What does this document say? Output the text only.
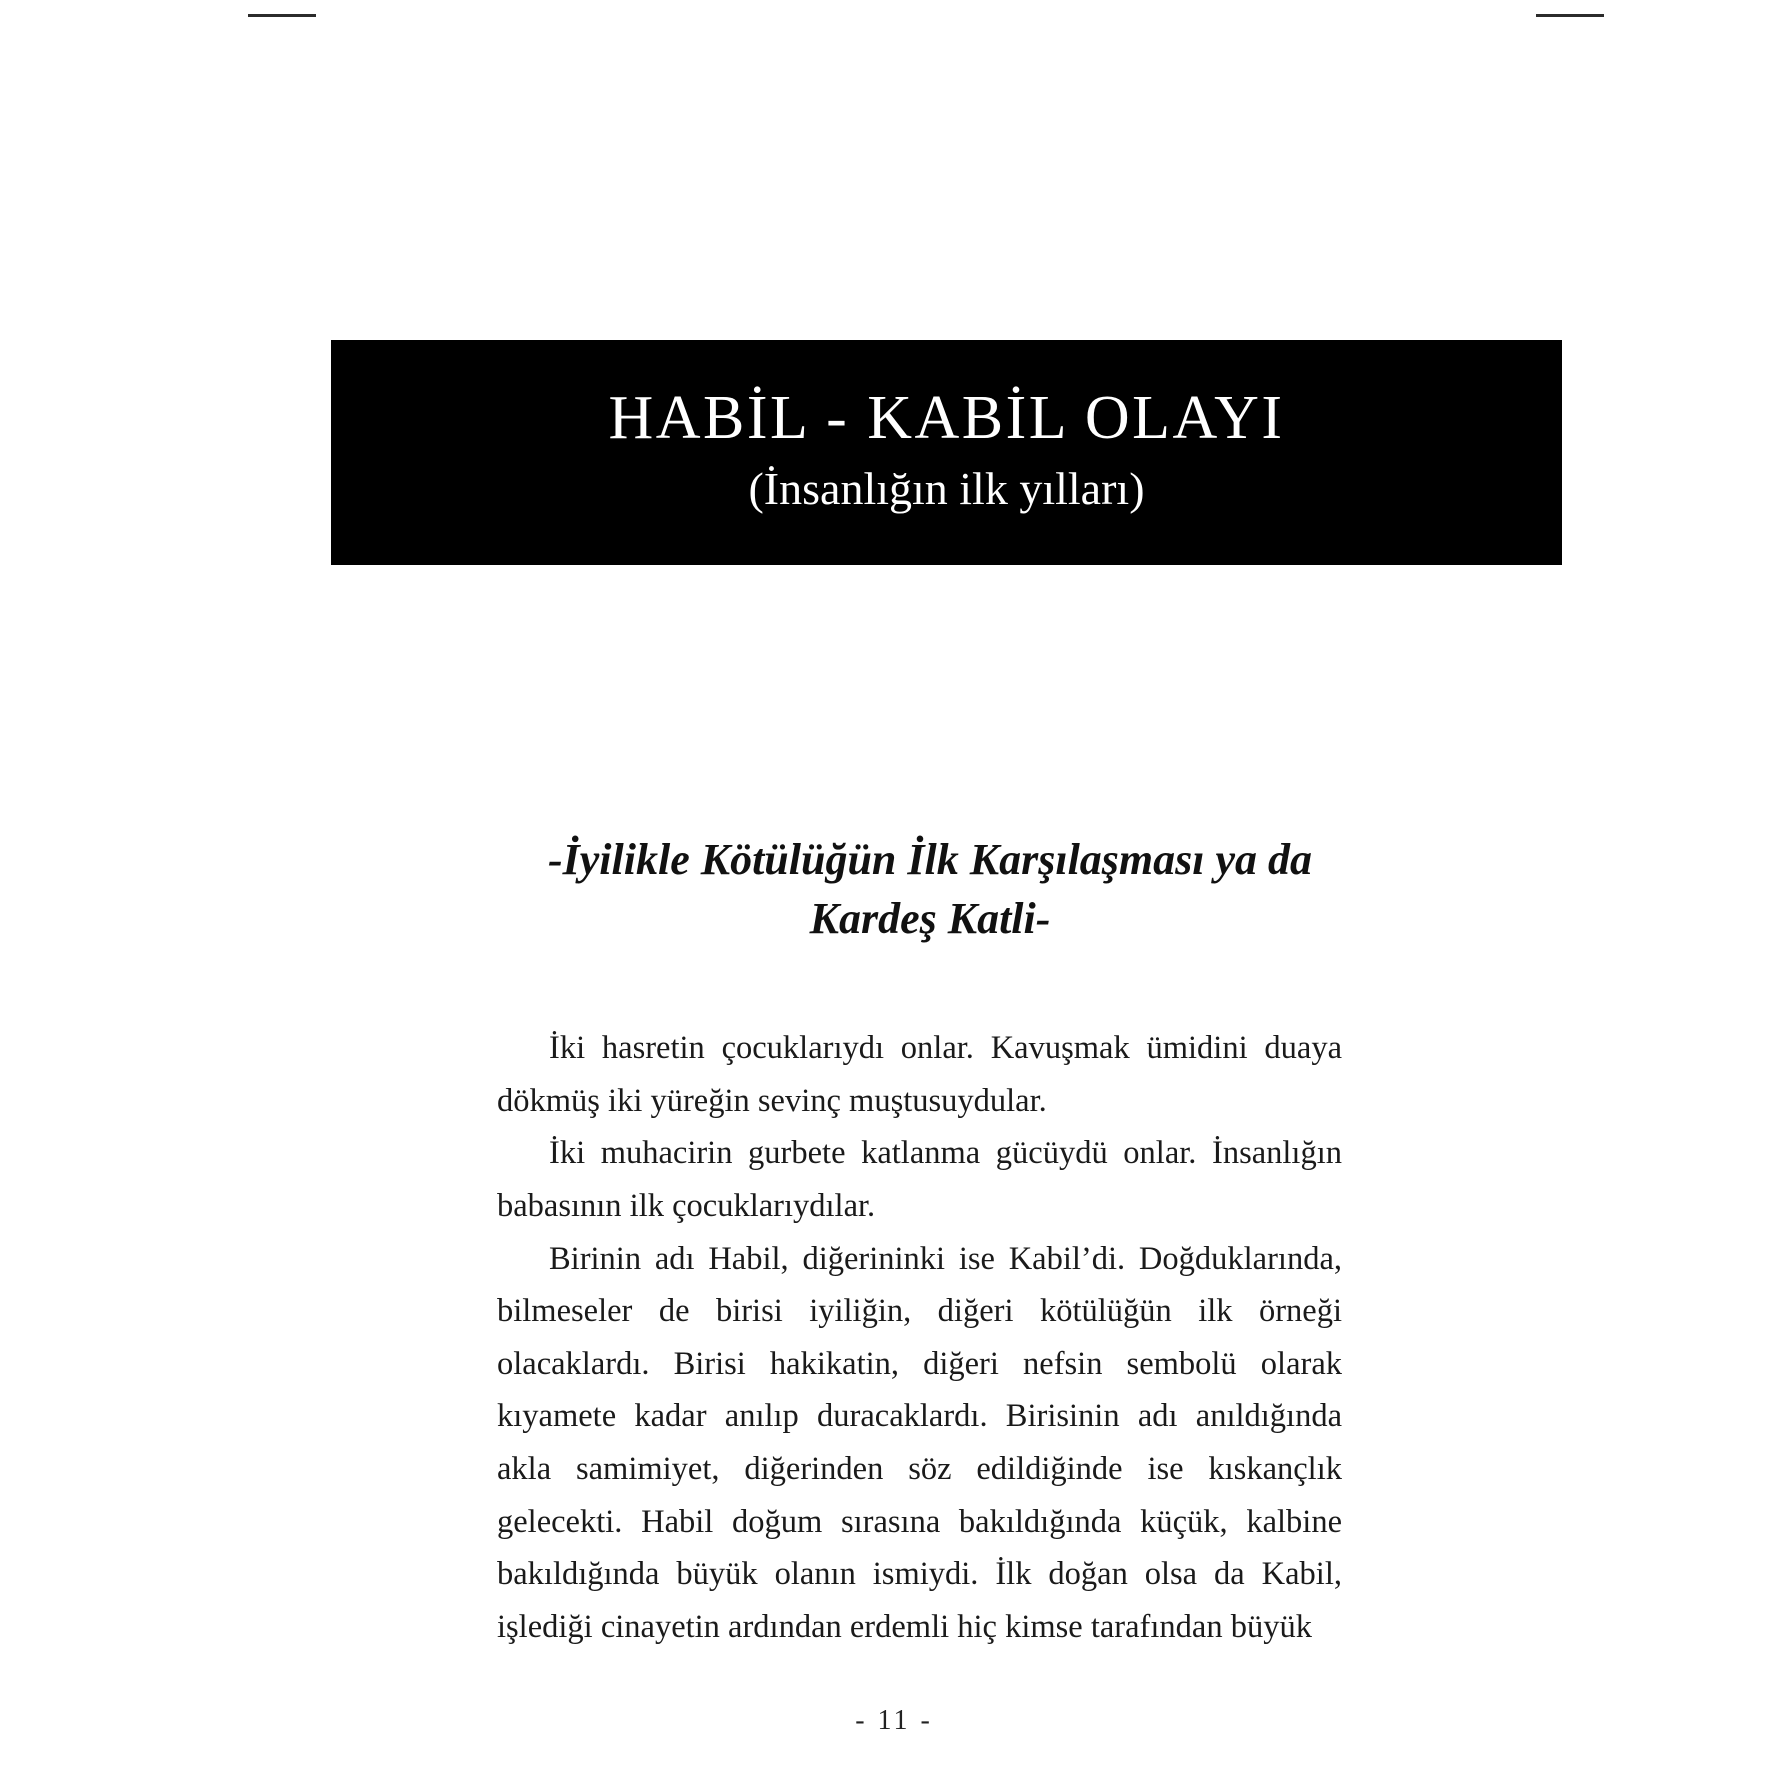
HABİL - KABİL OLAYI
(İnsanlığın ilk yılları)
-İyilikle Kötülüğün İlk Karşılaşması ya da Kardeş Katli-

İki hasretin çocuklarıydı onlar. Kavuşmak ümidini duaya dökmüş iki yüreğin sevinç muştusuydular.

İki muhacirin gurbete katlanma gücüydü onlar. İnsanlığın babasının ilk çocuklarıydılar.

Birinin adı Habil, diğerininki ise Kabil’di. Doğduklarında, bilmeseler de birisi iyiliğin, diğeri kötülüğün ilk örneği olacaklardı. Birisi hakikatin, diğeri nefsin sembolü olarak kıyamete kadar anılıp duracaklardı. Birisinin adı anıldığında akla samimiyet, diğerinden söz edildiğinde ise kıskançlık gelecekti. Habil doğum sırasına bakıldığında küçük, kalbine bakıldığında büyük olanın ismiydi. İlk doğan olsa da Kabil, işlediği cinayetin ardından erdemli hiç kimse tarafından büyük

- 11 -
